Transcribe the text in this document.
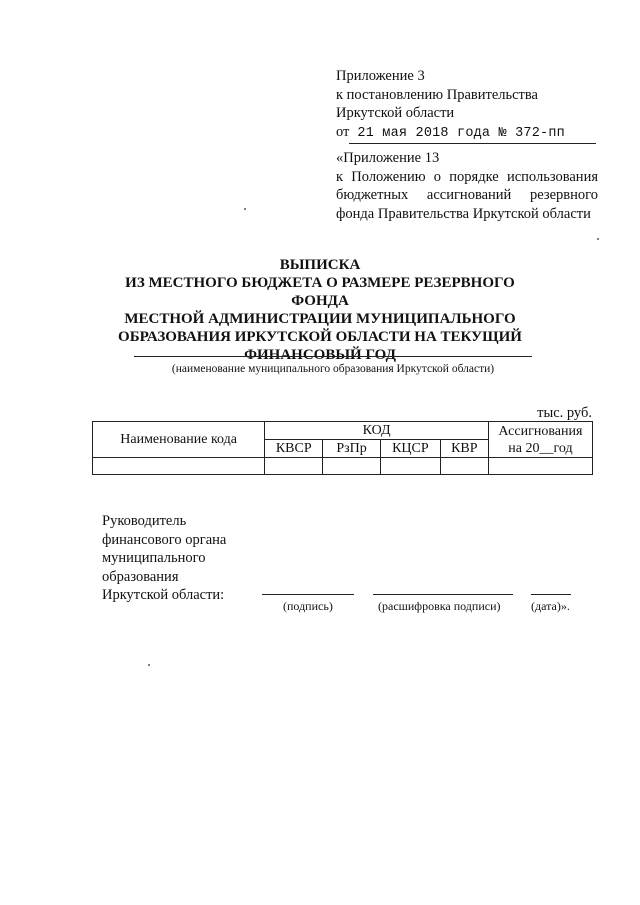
Приложение 3
к постановлению Правительства
Иркутской области
от 21 мая 2018 года № 372-пп
«Приложение 13
к Положению о порядке использования
бюджетных ассигнований резервного
фонда Правительства Иркутской области
ВЫПИСКА
ИЗ МЕСТНОГО БЮДЖЕТА О РАЗМЕРЕ РЕЗЕРВНОГО ФОНДА
МЕСТНОЙ АДМИНИСТРАЦИИ МУНИЦИПАЛЬНОГО
ОБРАЗОВАНИЯ ИРКУТСКОЙ ОБЛАСТИ НА ТЕКУЩИЙ
ФИНАНСОВЫЙ ГОД
(наименование муниципального образования Иркутской области)
тыс. руб.
Наименование кода	КОД				Ассигнования
на 20__год

	КВСР	РзПр	КЦСР	КВР	

Руководитель
финансового органа
муниципального
образования
Иркутской области:
(подпись)	(расшифровка подписи)	(дата)».
